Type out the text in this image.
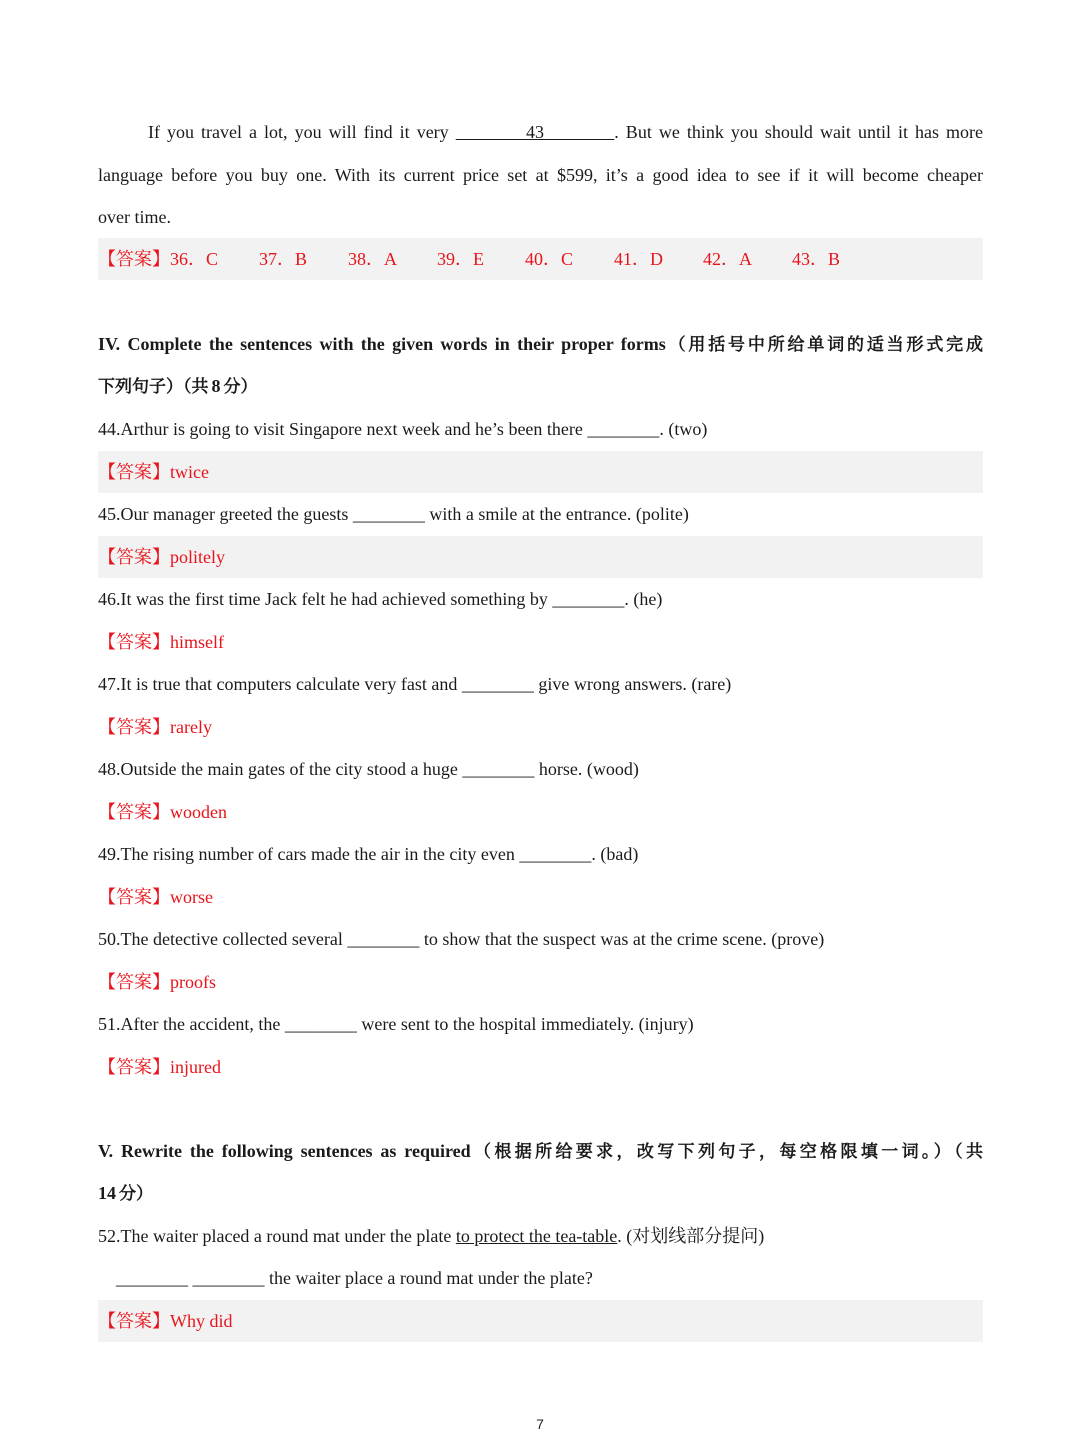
If you travel a lot, you will find it very	43	. But we think you should wait until it has more

language before you buy one. With its current price set at $599, it’s a good idea to see if it will become cheaper

over time.

【答案】36．C 37．B 38．A 39．E 40．C 41．D 42．A 43．B
IV. Complete the sentences with the given words in their proper forms（用括号中所给单词的适当形式完成
下列句子）（共 8 分）

44.Arthur is going to visit Singapore next week and he’s been there ________. (two)

【答案】twice

45.Our manager greeted the guests ________ with a smile at the entrance. (polite)

【答案】politely

46.It was the first time Jack felt he had achieved something by ________. (he)

【答案】himself

47.It is true that computers calculate very fast and ________ give wrong answers. (rare)

【答案】rarely

48.Outside the main gates of the city stood a huge ________ horse. (wood)

【答案】wooden

49.The rising number of cars made the air in the city even ________. (bad)

【答案】worse

50.The detective collected several ________ to show that the suspect was at the crime scene. (prove)

【答案】proofs

51.After the accident, the ________ were sent to the hospital immediately. (injury)

【答案】injured
V. Rewrite the following sentences as required（根据所给要求，改写下列句子，每空格限填一词。）（共
14 分）

52.The waiter placed a round mat under the plate to protect the tea-table. (对划线部分提问)

________ ________ the waiter place a round mat under the plate?

【答案】Why did
7
